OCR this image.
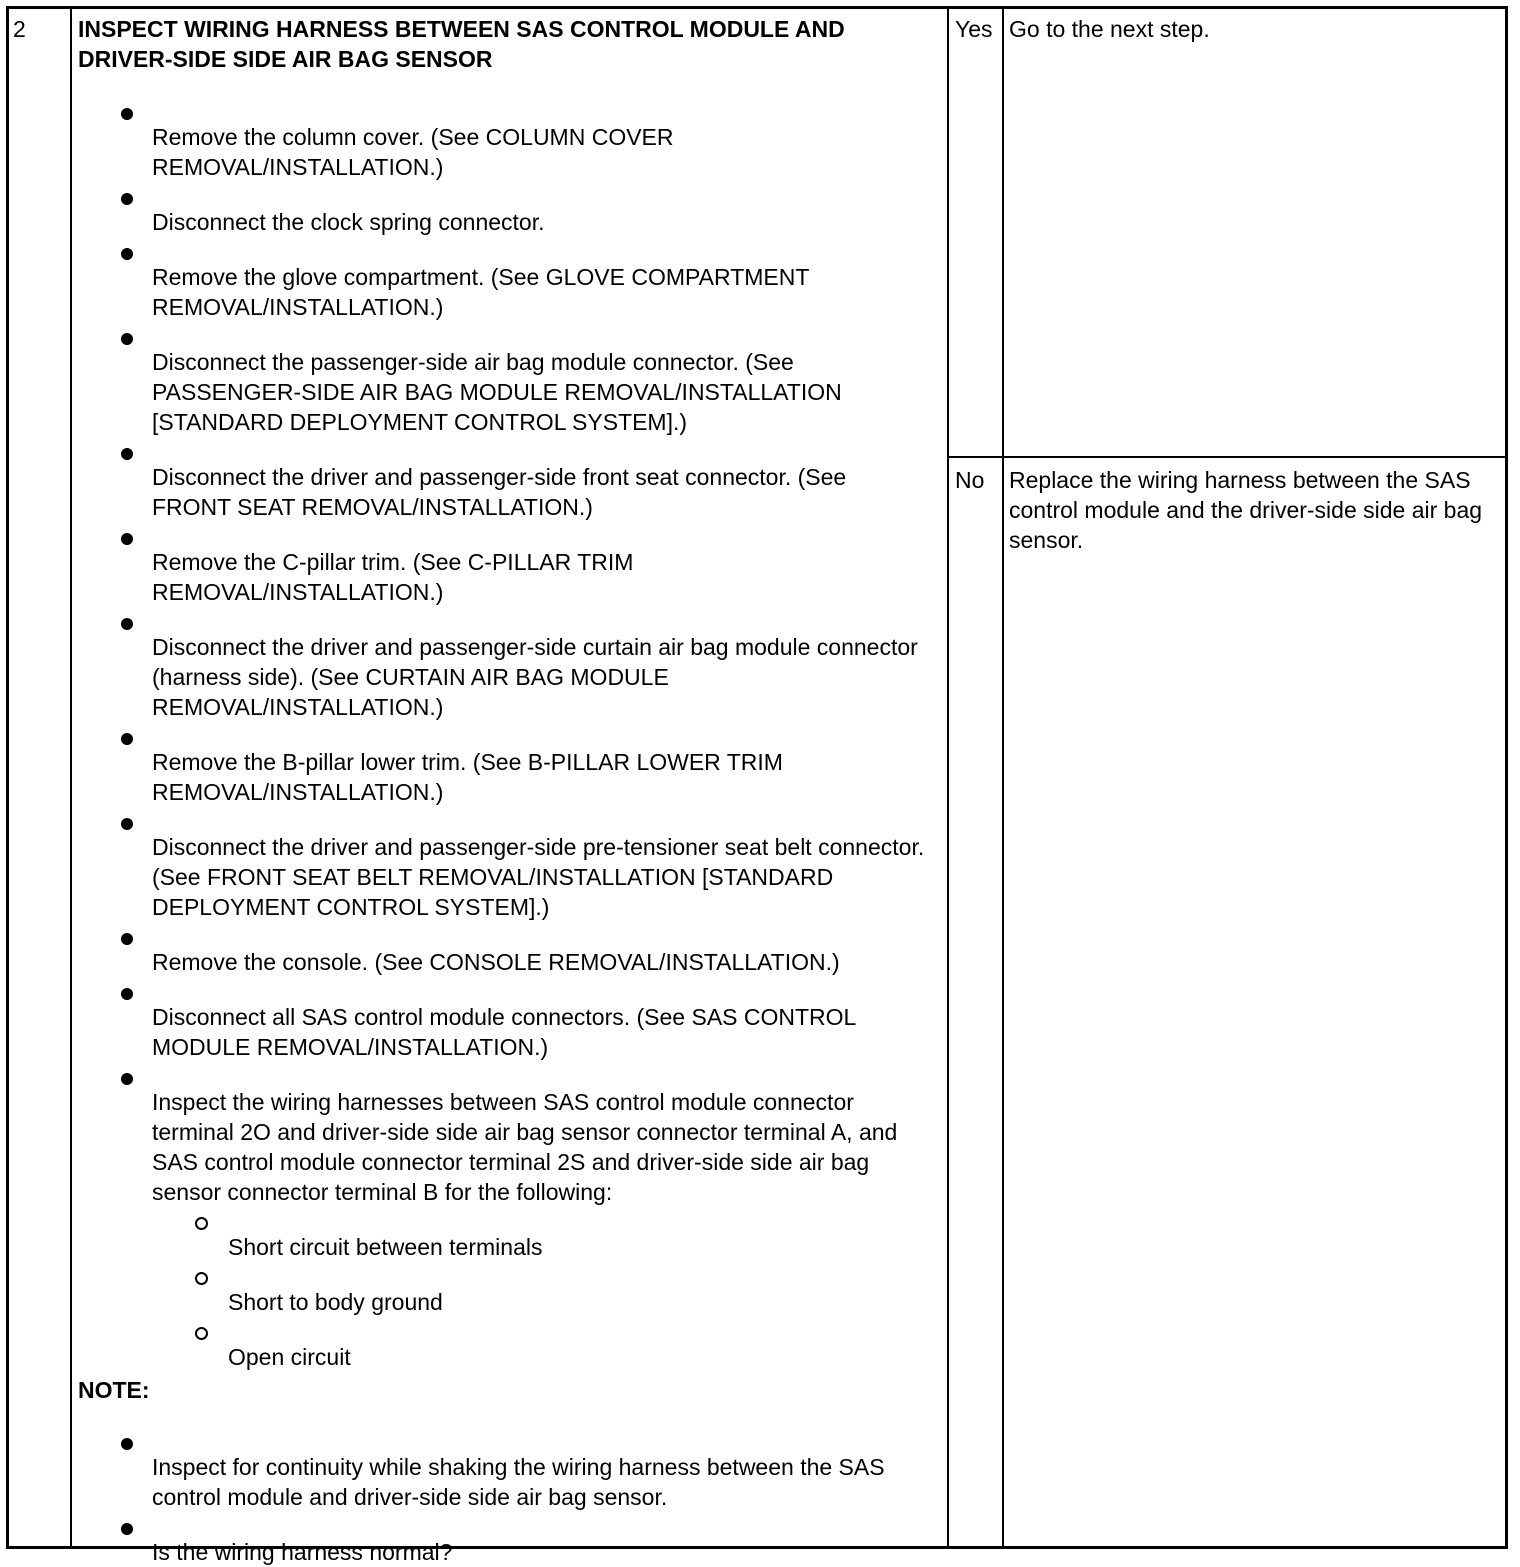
2 INSPECT WIRING HARNESS BETWEEN SAS CONTROL MODULE AND DRIVER-SIDE SIDE AIR BAG SENSOR

Remove the column cover. (See COLUMN COVER REMOVAL/INSTALLATION.)

Disconnect the clock spring connector.

Remove the glove compartment. (See GLOVE COMPARTMENT REMOVAL/INSTALLATION.)

Disconnect the passenger-side air bag module connector. (See PASSENGER-SIDE AIR BAG MODULE REMOVAL/INSTALLATION [STANDARD DEPLOYMENT CONTROL SYSTEM].)

Disconnect the driver and passenger-side front seat connector. (See FRONT SEAT REMOVAL/INSTALLATION.)

Remove the C-pillar trim. (See C-PILLAR TRIM REMOVAL/INSTALLATION.)

Disconnect the driver and passenger-side curtain air bag module connector (harness side). (See CURTAIN AIR BAG MODULE REMOVAL/INSTALLATION.)

Remove the B-pillar lower trim. (See B-PILLAR LOWER TRIM REMOVAL/INSTALLATION.)

Disconnect the driver and passenger-side pre-tensioner seat belt connector. (See FRONT SEAT BELT REMOVAL/INSTALLATION [STANDARD DEPLOYMENT CONTROL SYSTEM].)

Remove the console. (See CONSOLE REMOVAL/INSTALLATION.)

Disconnect all SAS control module connectors. (See SAS CONTROL MODULE REMOVAL/INSTALLATION.)

Inspect the wiring harnesses between SAS control module connector terminal 2O and driver-side side air bag sensor connector terminal A, and SAS control module connector terminal 2S and driver-side side air bag sensor connector terminal B for the following:

Short circuit between terminals

Short to body ground

Open circuit

NOTE:

Inspect for continuity while shaking the wiring harness between the SAS control module and driver-side side air bag sensor.

Is the wiring harness normal?

Yes Go to the next step.

No Replace the wiring harness between the SAS control module and the driver-side side air bag sensor.
